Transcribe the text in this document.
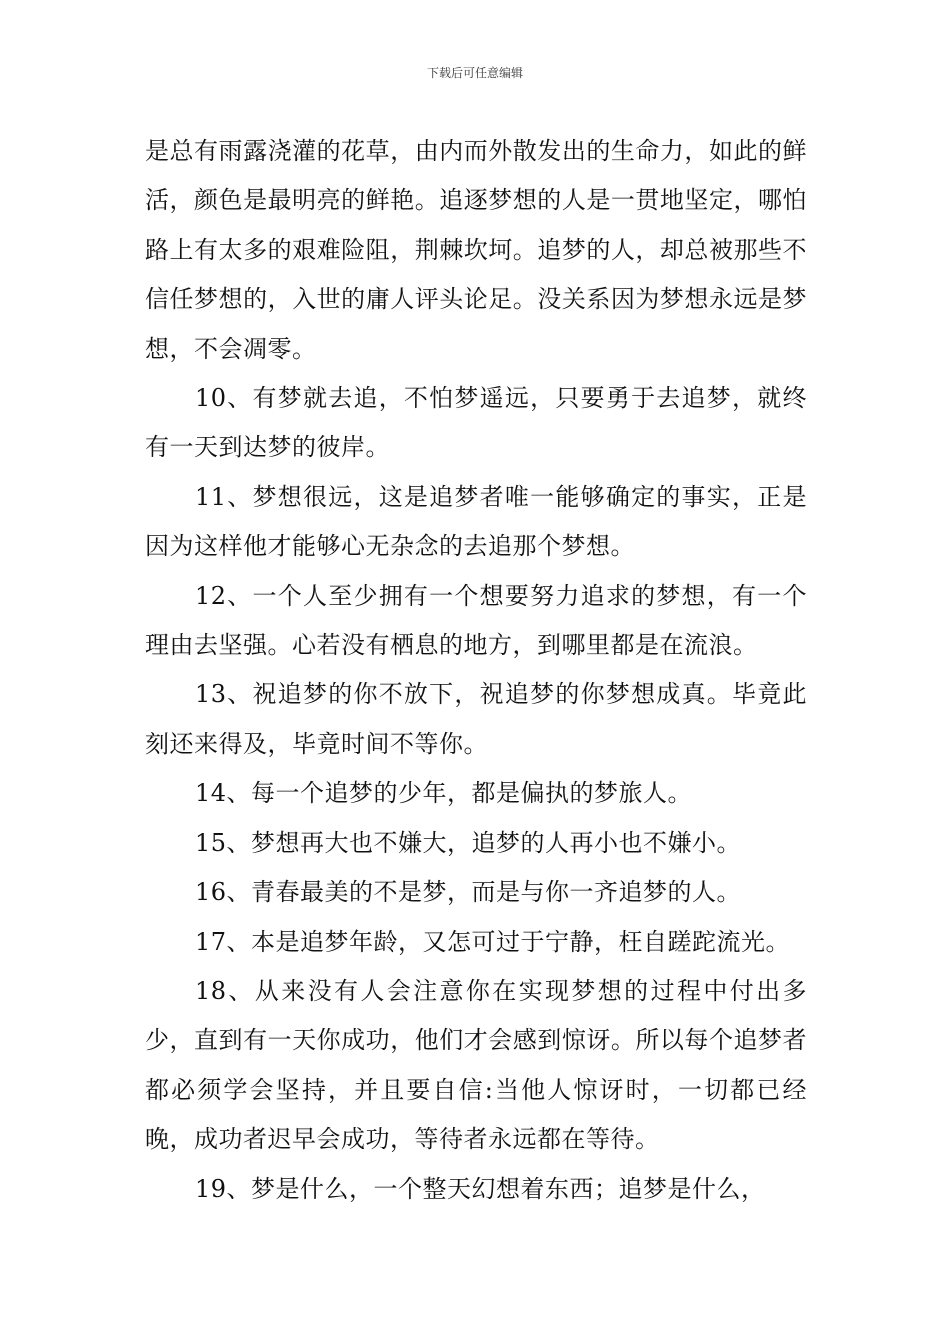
下载后可任意编辑

是总有雨露浇灌的花草，由内而外散发出的生命力，如此的鲜活，颜色是最明亮的鲜艳。追逐梦想的人是一贯地坚定，哪怕路上有太多的艰难险阻，荆棘坎坷。追梦的人，却总被那些不信任梦想的，入世的庸人评头论足。没关系因为梦想永远是梦想，不会凋零。

10、有梦就去追，不怕梦遥远，只要勇于去追梦，就终有一天到达梦的彼岸。

11、梦想很远，这是追梦者唯一能够确定的事实，正是因为这样他才能够心无杂念的去追那个梦想。

12、一个人至少拥有一个想要努力追求的梦想，有一个理由去坚强。心若没有栖息的地方，到哪里都是在流浪。

13、祝追梦的你不放下，祝追梦的你梦想成真。毕竟此刻还来得及，毕竟时间不等你。

14、每一个追梦的少年，都是偏执的梦旅人。

15、梦想再大也不嫌大，追梦的人再小也不嫌小。

16、青春最美的不是梦，而是与你一齐追梦的人。

17、本是追梦年龄，又怎可过于宁静，枉自蹉跎流光。

18、从来没有人会注意你在实现梦想的过程中付出多少，直到有一天你成功，他们才会感到惊讶。所以每个追梦者都必须学会坚持，并且要自信:当他人惊讶时，一切都已经晚，成功者迟早会成功，等待者永远都在等待。

19、梦是什么，一个整天幻想着东西；追梦是什么，
